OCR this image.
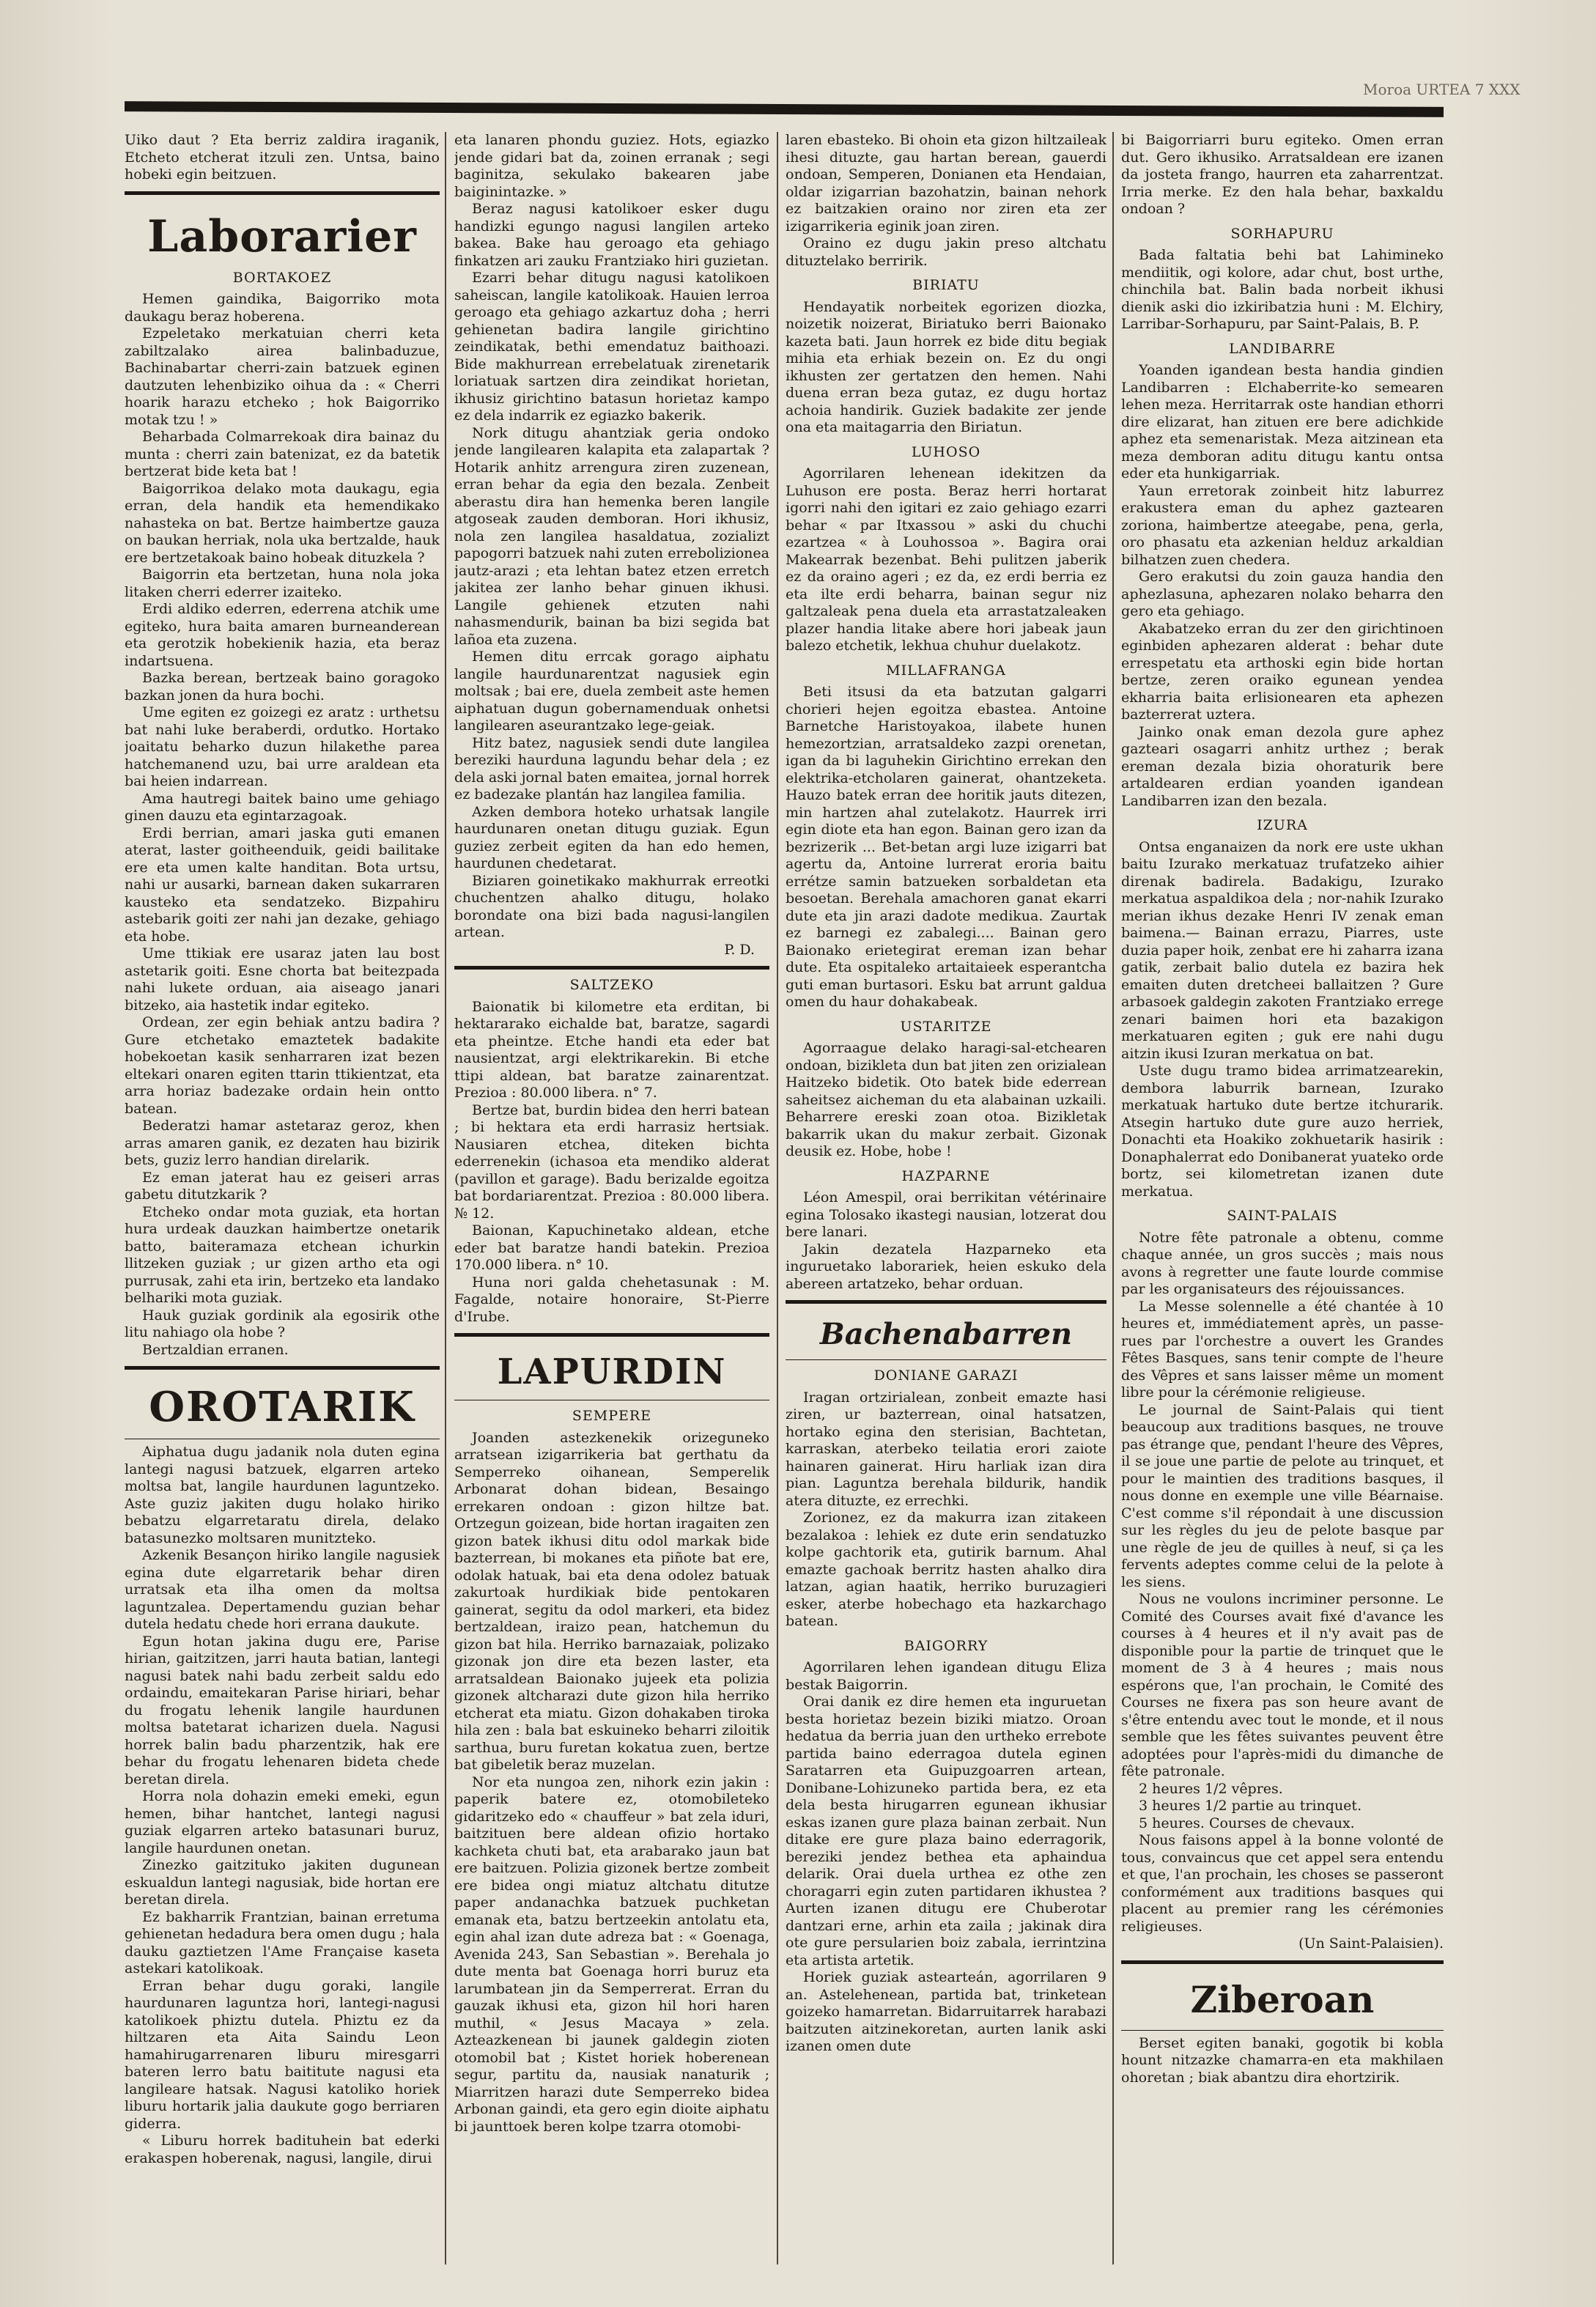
Moroa URTEA 7 XXX

Uiko daut ? Eta berriz zaldira iraganik, Etcheto etcherat itzuli zen. Untsa, baino hobeki egin beitzuen.

Laborarier
BORTAKOEZ

Hemen gaindika, Baigorriko mota daukagu beraz hoberena.

Ezpeletako merkatuian cherri keta zabiltzalako airea balinbaduzue, Bachinabartar cherri-zain batzuek eginen dautzuten lehenbiziko oihua da : « Cherri hoarik harazu etcheko ; hok Baigorriko motak tzu ! »

Beharbada Colmarrekoak dira bainaz du munta : cherri zain batenizat, ez da batetik bertzerat bide keta bat !

Baigorrikoa delako mota daukagu, egia erran, dela handik eta hemendikako nahasteka on bat. Bertze haimbertze gauza on baukan herriak, nola uka bertzalde, hauk ere bertzetakoak baino hobeak dituzkela ?

Baigorrin eta bertzetan, huna nola joka litaken cherri ederrer izaiteko.

Erdi aldiko ederren, ederrena atchik ume egiteko, hura baita amaren burneanderean eta gerotzik hobekienik hazia, eta beraz indartsuena.

Bazka berean, bertzeak baino goragoko bazkan jonen da hura bochi.

Ume egiten ez goizegi ez aratz : urthetsu bat nahi luke beraberdi, ordutko. Hortako joaitatu beharko duzun hilakethe parea hatchemanend uzu, bai urre araldean eta bai heien indarrean.

Ama hautregi baitek baino ume gehiago ginen dauzu eta egintarzagoak.

Erdi berrian, amari jaska guti emanen aterat, laster goitheenduik, geidi bailitake ere eta umen kalte handitan. Bota urtsu, nahi ur ausarki, barnean daken sukarraren kausteko eta sendatzeko. Bizpahiru astebarik goiti zer nahi jan dezake, gehiago eta hobe.

Ume ttikiak ere usaraz jaten lau bost astetarik goiti. Esne chorta bat beitezpada nahi lukete orduan, aia aiseago janari bitzeko, aia hastetik indar egiteko.

Ordean, zer egin behiak antzu badira ? Gure etchetako emaztetek badakite hobekoetan kasik senharraren izat bezen eltekari onaren egiten ttarin ttikientzat, eta arra horiaz badezake ordain hein ontto batean.

Bederatzi hamar astetaraz geroz, khen arras amaren ganik, ez dezaten hau bizirik bets, guziz lerro handian direlarik.

Ez eman jaterat hau ez geiseri arras gabetu ditutzkarik ?

Etcheko ondar mota guziak, eta hortan hura urdeak dauzkan haimbertze onetarik batto, baiteramaza etchean ichurkin llitzeken guziak ; ur gizen artho eta ogi purrusak, zahi eta irin, bertzeko eta landako belhariki mota guziak.

Hauk guziak gordinik ala egosirik othe litu nahiago ola hobe ?

Bertzaldian erranen.

OROTARIK

Aiphatua dugu jadanik nola duten egina lantegi nagusi batzuek, elgarren arteko moltsa bat, langile haurdunen laguntzeko. Aste guziz jakiten dugu holako hiriko bebatzu elgarretaratu direla, delako batasunezko moltsaren munitzteko.

Azkenik Besançon hiriko langile nagusiek egina dute elgarretarik behar diren urratsak eta ilha omen da moltsa laguntzalea. Depertamendu guzian behar dutela hedatu chede hori errana daukute.

Egun hotan jakina dugu ere, Parise hirian, gaitzitzen, jarri hauta batian, lantegi nagusi batek nahi badu zerbeit saldu edo ordaindu, emaitekaran Parise hiriari, behar du frogatu lehenik langile haurdunen moltsa batetarat icharizen duela. Nagusi horrek balin badu pharzentzik, hak ere behar du frogatu lehenaren bideta chede beretan direla.

Horra nola dohazin emeki emeki, egun hemen, bihar hantchet, lantegi nagusi guziak elgarren arteko batasunari buruz, langile haurdunen onetan.

Zinezko gaitzituko jakiten dugunean eskualdun lantegi nagusiak, bide hortan ere beretan direla.

Ez bakharrik Frantzian, bainan erretuma gehienetan hedadura bera omen dugu ; hala dauku gaztietzen l'Ame Française kaseta astekari katolikoak.

Erran behar dugu goraki, langile haurdunaren laguntza hori, lantegi-nagusi katolikoek phiztu dutela. Phiztu ez da hiltzaren eta Aita Saindu Leon hamahirugarrenaren liburu miresgarri bateren lerro batu baititute nagusi eta langileare hatsak. Nagusi katoliko horiek liburu hortarik jalia daukute gogo berriaren giderra.

« Liburu horrek badituhein bat ederki erakaspen hoberenak, nagusi, langile, dirui

eta lanaren phondu guziez. Hots, egiazko jende gidari bat da, zoinen erranak ; segi baginitza, sekulako bakearen jabe baiginintazke. »

Beraz nagusi katolikoer esker dugu handizki egungo nagusi langilen arteko bakea. Bake hau geroago eta gehiago finkatzen ari zauku Frantziako hiri guzietan.

Ezarri behar ditugu nagusi katolikoen saheiscan, langile katolikoak. Hauien lerroa geroago eta gehiago azkartuz doha ; herri gehienetan badira langile girichtino zeindikatak, bethi emendatuz baithoazi. Bide makhurrean errebelatuak zirenetarik loriatuak sartzen dira zeindikat horietan, ikhusiz girichtino batasun horietaz kampo ez dela indarrik ez egiazko bakerik.

Nork ditugu ahantziak geria ondoko jende langilearen kalapita eta zalapartak ? Hotarik anhitz arrengura ziren zuzenean, erran behar da egia den bezala. Zenbeit aberastu dira han hemenka beren langile atgoseak zauden demboran. Hori ikhusiz, nola zen langilea hasaldatua, zozializt papogorri batzuek nahi zuten errebolizionea jautz-arazi ; eta lehtan batez etzen erretch jakitea zer lanho behar ginuen ikhusi. Langile gehienek etzuten nahi nahasmendurik, bainan ba bizi segida bat lañoa eta zuzena.

Hemen ditu errcak gorago aiphatu langile haurdunarentzat nagusiek egin moltsak ; bai ere, duela zembeit aste hemen aiphatuan dugun gobernamenduak onhetsi langilearen aseurantzako lege-geiak.

Hitz batez, nagusiek sendi dute langilea bereziki haurduna lagundu behar dela ; ez dela aski jornal baten emaitea, jornal horrek ez badezake plantán haz langilea familia.

Azken dembora hoteko urhatsak langile haurdunaren onetan ditugu guziak. Egun guziez zerbeit egiten da han edo hemen, haurdunen chedetarat.

Biziaren goinetikako makhurrak erreotki chuchentzen ahalko ditugu, holako borondate ona bizi bada nagusi-langilen artean.

P. D.
SALTZEKO

Baionatik bi kilometre eta erditan, bi hektararako eichalde bat, baratze, sagardi eta pheintze. Etche handi eta eder bat nausientzat, argi elektrikarekin. Bi etche ttipi aldean, bat baratze zainarentzat. Prezioa : 80.000 libera. n° 7.

Bertze bat, burdin bidea den herri batean ; bi hektara eta erdi harrasiz hertsiak. Nausiaren etchea, diteken bichta ederrenekin (ichasoa eta mendiko alderat (pavillon et garage). Badu berizalde egoitza bat bordariarentzat. Prezioa : 80.000 libera. № 12.

Baionan, Kapuchinetako aldean, etche eder bat baratze handi batekin. Prezioa 170.000 libera. n° 10.

Huna nori galda chehetasunak : M. Fagalde, notaire honoraire, St-Pierre d'Irube.

LAPURDIN
SEMPERE

Joanden astezkenekik orizeguneko arratsean izigarrikeria bat gerthatu da Semperreko oihanean, Semperelik Arbonarat dohan bidean, Besaingo errekaren ondoan : gizon hiltze bat. Ortzegun goizean, bide hortan iragaiten zen gizon batek ikhusi ditu odol markak bide bazterrean, bi mokanes eta piñote bat ere, odolak hatuak, bai eta dena odolez batuak zakurtoak hurdikiak bide pentokaren gainerat, segitu da odol markeri, eta bidez bertzaldean, iraizo pean, hatchemun du gizon bat hila. Herriko barnazaiak, polizako gizonak jon dire eta bezen laster, eta arratsaldean Baionako jujeek eta polizia gizonek altcharazi dute gizon hila herriko etcherat eta miatu. Gizon dohakaben tiroka hila zen : bala bat eskuineko beharri ziloitik sarthua, buru furetan kokatua zuen, bertze bat gibeletik beraz muzelan.

Nor eta nungoa zen, nihork ezin jakin : paperik batere ez, otomobileteko gidaritzeko edo « chauffeur » bat zela iduri, baitzituen bere aldean ofizio hortako kachketa chuti bat, eta arabarako jaun bat ere baitzuen. Polizia gizonek bertze zombeit ere bidea ongi miatuz altchatu ditutze paper andanachka batzuek puchketan emanak eta, batzu bertzeekin antolatu eta, egin ahal izan dute adreza bat : « Goenaga, Avenida 243, San Sebastian ». Berehala jo dute menta bat Goenaga horri buruz eta larumbatean jin da Semperrerat. Erran du gauzak ikhusi eta, gizon hil hori haren muthil, « Jesus Macaya » zela. Azteazkenean bi jaunek galdegin zioten otomobil bat ; Kistet horiek hoberenean segur, partitu da, nausiak nanaturik ; Miarritzen harazi dute Semperreko bidea Arbonan gaindi, eta gero egin dioite aiphatu bi jaunttoek beren kolpe tzarra otomobi-

laren ebasteko. Bi ohoin eta gizon hiltzaileak ihesi dituzte, gau hartan berean, gauerdi ondoan, Semperen, Donianen eta Hendaian, oldar izigarrian bazohatzin, bainan nehork ez baitzakien oraino nor ziren eta zer izigarrikeria eginik joan ziren.

Oraino ez dugu jakin preso altchatu dituztelako berririk.

BIRIATU

Hendayatik norbeitek egorizen diozka, noizetik noizerat, Biriatuko berri Baionako kazeta bati. Jaun horrek ez bide ditu begiak mihia eta erhiak bezein on. Ez du ongi ikhusten zer gertatzen den hemen. Nahi duena erran beza gutaz, ez dugu hortaz achoia handirik. Guziek badakite zer jende ona eta maitagarria den Biriatun.

LUHOSO

Agorrilaren lehenean idekitzen da Luhuson ere posta. Beraz herri hortarat igorri nahi den igitari ez zaio gehiago ezarri behar « par Itxassou » aski du chuchi ezartzea « à Louhossoa ». Bagira orai Makearrak bezenbat. Behi pulitzen jaberik ez da oraino ageri ; ez da, ez erdi berria ez eta ilte erdi beharra, bainan segur niz galtzaleak pena duela eta arrastatzaleaken plazer handia litake abere hori jabeak jaun balezo etchetik, lekhua chuhur duelakotz.

MILLAFRANGA

Beti itsusi da eta batzutan galgarri chorieri hejen egoitza ebastea. Antoine Barnetche Haristoyakoa, ilabete hunen hemezortzian, arratsaldeko zazpi orenetan, igan da bi laguhekin Girichtino errekan den elektrika-etcholaren gainerat, ohantzeketa. Hauzo batek erran dee horitik jauts ditezen, min hartzen ahal zutelakotz. Haurrek irri egin diote eta han egon. Bainan gero izan da bezrizerik ... Bet-betan argi luze izigarri bat agertu da, Antoine lurrerat eroria baitu errétze samin batzueken sorbaldetan eta besoetan. Berehala amachoren ganat ekarri dute eta jin arazi dadote medikua. Zaurtak ez barnegi ez zabalegi.... Bainan gero Baionako erietegirat ereman izan behar dute. Eta ospitaleko artaitaieek esperantcha guti eman burtasori. Esku bat arrunt galdua omen du haur dohakabeak.

USTARITZE

Agorraague delako haragi-sal-etchearen ondoan, bizikleta dun bat jiten zen orizialean Haitzeko bidetik. Oto batek bide ederrean saheitsez aicheman du eta alabainan uzkaili. Beharrere ereski zoan otoa. Bizikletak bakarrik ukan du makur zerbait. Gizonak deusik ez. Hobe, hobe !

HAZPARNE

Léon Amespil, orai berrikitan vétérinaire egina Tolosako ikastegi nausian, lotzerat dou bere lanari.

Jakin dezatela Hazparneko eta inguruetako laborariek, heien eskuko dela abereen artatzeko, behar orduan.

Bachenabarren
DONIANE GARAZI

Iragan ortzirialean, zonbeit emazte hasi ziren, ur bazterrean, oinal hatsatzen, hortako egina den sterisian, Bachtetan, karraskan, aterbeko teilatia erori zaiote hainaren gainerat. Hiru harliak izan dira pian. Laguntza berehala bildurik, handik atera dituzte, ez errechki.

Zorionez, ez da makurra izan zitakeen bezalakoa : lehiek ez dute erin sendatuzko kolpe gachtorik eta, gutirik barnum. Ahal emazte gachoak berritz hasten ahalko dira latzan, agian haatik, herriko buruzagieri esker, aterbe hobechago eta hazkarchago batean.

BAIGORRY

Agorrilaren lehen igandean ditugu Eliza bestak Baigorrin.

Orai danik ez dire hemen eta inguruetan besta horietaz bezein biziki miatzo. Oroan hedatua da berria juan den urtheko errebote partida baino ederragoa dutela eginen Saratarren eta Guipuzgoarren artean, Donibane-Lohizuneko partida bera, ez eta dela besta hirugarren egunean ikhusiar eskas izanen gure plaza bainan zerbait. Nun ditake ere gure plaza baino ederragorik, bereziki jendez bethea eta aphaindua delarik. Orai duela urthea ez othe zen choragarri egin zuten partidaren ikhustea ? Aurten izanen ditugu ere Chuberotar dantzari erne, arhin eta zaila ; jakinak dira ote gure persularien boiz zabala, ierrintzina eta artista artetik.

Horiek guziak astearteán, agorrilaren 9 an. Astelehenean, partida bat, trinketean goizeko hamarretan. Bidarruitarrek harabazi baitzuten aitzinekoretan, aurten lanik aski izanen omen dute

bi Baigorriarri buru egiteko. Omen erran dut. Gero ikhusiko. Arratsaldean ere izanen da josteta frango, haurren eta zaharrentzat. Irria merke. Ez den hala behar, baxkaldu ondoan ?

SORHAPURU

Bada faltatia behi bat Lahimineko mendiitik, ogi kolore, adar chut, bost urthe, chinchila bat. Balin bada norbeit ikhusi dienik aski dio izkiribatzia huni : M. Elchiry, Larribar-Sorhapuru, par Saint-Palais, B. P.

LANDIBARRE

Yoanden igandean besta handia gindien Landibarren : Elchaberrite-ko semearen lehen meza. Herritarrak oste handian ethorri dire elizarat, han zituen ere bere adichkide aphez eta semenaristak. Meza aitzinean eta meza demboran aditu ditugu kantu ontsa eder eta hunkigarriak.

Yaun erretorak zoinbeit hitz laburrez erakustera eman du aphez gaztearen zoriona, haimbertze ateegabe, pena, gerla, oro phasatu eta azkenian helduz arkaldian bilhatzen zuen chedera.

Gero erakutsi du zoin gauza handia den aphezlasuna, aphezaren nolako beharra den gero eta gehiago.

Akabatzeko erran du zer den girichtinoen eginbiden aphezaren alderat : behar dute errespetatu eta arthoski egin bide hortan bertze, zeren oraiko egunean yendea ekharria baita erlisionearen eta aphezen bazterrerat uztera.

Jainko onak eman dezola gure aphez gazteari osagarri anhitz urthez ; berak ereman dezala bizia ohoraturik bere artaldearen erdian yoanden igandean Landibarren izan den bezala.

IZURA

Ontsa enganaizen da nork ere uste ukhan baitu Izurako merkatuaz trufatzeko aihier direnak badirela. Badakigu, Izurako merkatua aspaldikoa dela ; nor-nahik Izurako merian ikhus dezake Henri IV zenak eman baimena.— Bainan errazu, Piarres, uste duzia paper hoik, zenbat ere hi zaharra izana gatik, zerbait balio dutela ez bazira hek emaiten duten dretcheei ballaitzen ? Gure arbasoek galdegin zakoten Frantziako errege zenari baimen hori eta bazakigon merkatuaren egiten ; guk ere nahi dugu aitzin ikusi Izuran merkatua on bat.

Uste dugu tramo bidea arrimatzearekin, dembora laburrik barnean, Izurako merkatuak hartuko dute bertze itchurarik. Atsegin hartuko dute gure auzo herriek, Donachti eta Hoakiko zokhuetarik hasirik : Donaphalerrat edo Donibanerat yuateko orde bortz, sei kilometretan izanen dute merkatua.

SAINT-PALAIS

Notre fête patronale a obtenu, comme chaque année, un gros succès ; mais nous avons à regretter une faute lourde commise par les organisateurs des réjouissances.

La Messe solennelle a été chantée à 10 heures et, immédiatement après, un passe-rues par l'orchestre a ouvert les Grandes Fêtes Basques, sans tenir compte de l'heure des Vêpres et sans laisser même un moment libre pour la cérémonie religieuse.

Le journal de Saint-Palais qui tient beaucoup aux traditions basques, ne trouve pas étrange que, pendant l'heure des Vêpres, il se joue une partie de pelote au trinquet, et pour le maintien des traditions basques, il nous donne en exemple une ville Béarnaise. C'est comme s'il répondait à une discussion sur les règles du jeu de pelote basque par une règle de jeu de quilles à neuf, si ça les fervents adeptes comme celui de la pelote à les siens.

Nous ne voulons incriminer personne. Le Comité des Courses avait fixé d'avance les courses à 4 heures et il n'y avait pas de disponible pour la partie de trinquet que le moment de 3 à 4 heures ; mais nous espérons que, l'an prochain, le Comité des Courses ne fixera pas son heure avant de s'être entendu avec tout le monde, et il nous semble que les fêtes suivantes peuvent être adoptées pour l'après-midi du dimanche de fête patronale.

2 heures 1/2 vêpres.

3 heures 1/2 partie au trinquet.

5 heures. Courses de chevaux.

Nous faisons appel à la bonne volonté de tous, convaincus que cet appel sera entendu et que, l'an prochain, les choses se passeront conformément aux traditions basques qui placent au premier rang les cérémonies religieuses.

(Un Saint-Palaisien).
Ziberoan

Berset egiten banaki, gogotik bi kobla hount nitzazke chamarra-en eta makhilaen ohoretan ; biak abantzu dira ehortzirik.
